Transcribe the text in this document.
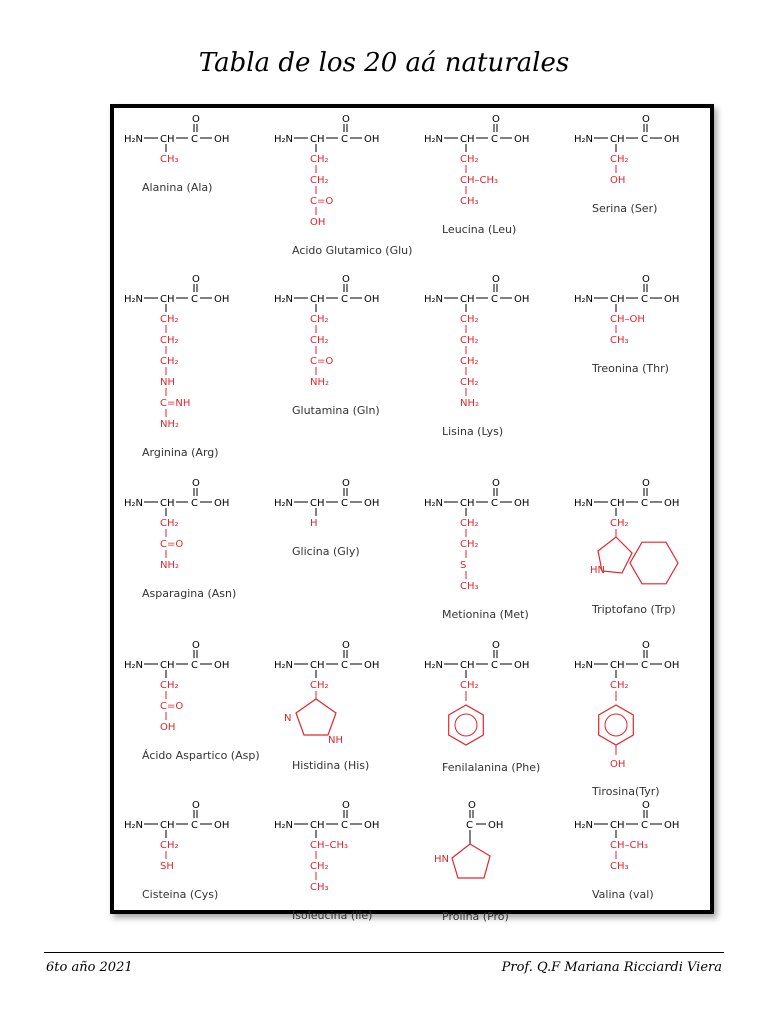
Tabla de los 20 aá naturales
O
H₂N CH C OH
CH₃
Alanina (Ala)
O
H₂N CH C OH
CH₂
CH₂
C=O
OH
Acido Glutamico (Glu)
O
H₂N CH C OH
CH₂
CH–CH₃
CH₃
Leucina (Leu)
O
H₂N CH C OH
CH₂
OH
Serina (Ser)
O
H₂N CH C OH
CH₂
CH₂
CH₂
NH
C=NH
NH₂
Arginina (Arg)
O
H₂N CH C OH
CH₂
CH₂
C=O
NH₂
Glutamina (Gln)
O
H₂N CH C OH
CH₂
CH₂
CH₂
CH₂
NH₂
Lisina (Lys)
O
H₂N CH C OH
CH–OH
CH₃
Treonina (Thr)
O
H₂N CH C OH
CH₂
C=O
NH₂
Asparagina (Asn)
O
H₂N CH C OH
H
Glicina (Gly)
O
H₂N CH C OH
CH₂
CH₂
S
CH₃
Metionina (Met)
O
H₂N CH C OH
CH₂
HN
Triptofano (Trp)
O
H₂N CH C OH
CH₂
C=O
OH
Ácido Aspartico (Asp)
O
H₂N CH C OH
CH₂
N
NH
Histidina (His)
O
H₂N CH C OH
CH₂
Fenilalanina (Phe)
O
H₂N CH C OH
CH₂
OH
Tirosina(Tyr)
O
H₂N CH C OH
CH₂
SH
Cisteina (Cys)
O
H₂N CH C OH
CH–CH₃
CH₂
CH₃
Isoleucina (Ile)
O
C OH
HN
Prolina (Pro)
O
H₂N CH C OH
CH–CH₃
CH₃
Valina (val)
6to año 2021	Prof. Q.F Mariana Ricciardi Viera
